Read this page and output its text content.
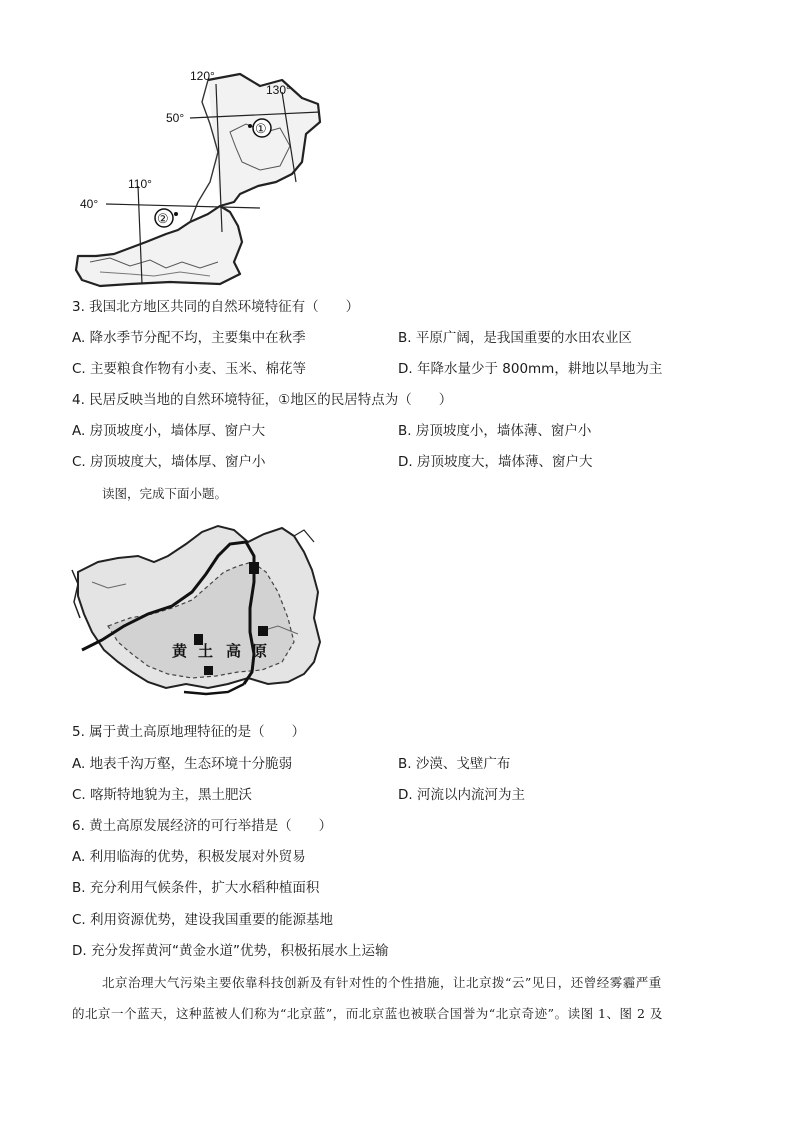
120°
130°
110°
50°
40°
①
②
3. 我国北方地区共同的自然环境特征有（　　）
A. 降水季节分配不均，主要集中在秋季	B. 平原广阔，是我国重要的水田农业区
C. 主要粮食作物有小麦、玉米、棉花等	D. 年降水量少于 800mm，耕地以旱地为主
4. 民居反映当地的自然环境特征，①地区的民居特点为（　　）
A. 房顶坡度小，墙体厚、窗户大	B. 房顶坡度小，墙体薄、窗户小
C. 房顶坡度大，墙体厚、窗户小	D. 房顶坡度大，墙体薄、窗户大
读图，完成下面小题。
黄 土 高 原
5. 属于黄土高原地理特征的是（　　）
A. 地表千沟万壑，生态环境十分脆弱	B. 沙漠、戈壁广布
C. 喀斯特地貌为主，黑土肥沃	D. 河流以内流河为主
6. 黄土高原发展经济的可行举措是（　　）
A. 利用临海的优势，积极发展对外贸易
B. 充分利用气候条件，扩大水稻种植面积
C. 利用资源优势，建设我国重要的能源基地
D. 充分发挥黄河“黄金水道”优势，积极拓展水上运输
北京治理大气污染主要依靠科技创新及有针对性的个性措施，让北京拨“云”见日，还曾经雾霾严重
的北京一个蓝天，这种蓝被人们称为“北京蓝”，而北京蓝也被联合国誉为“北京奇迹”。读图 1、图 2 及
